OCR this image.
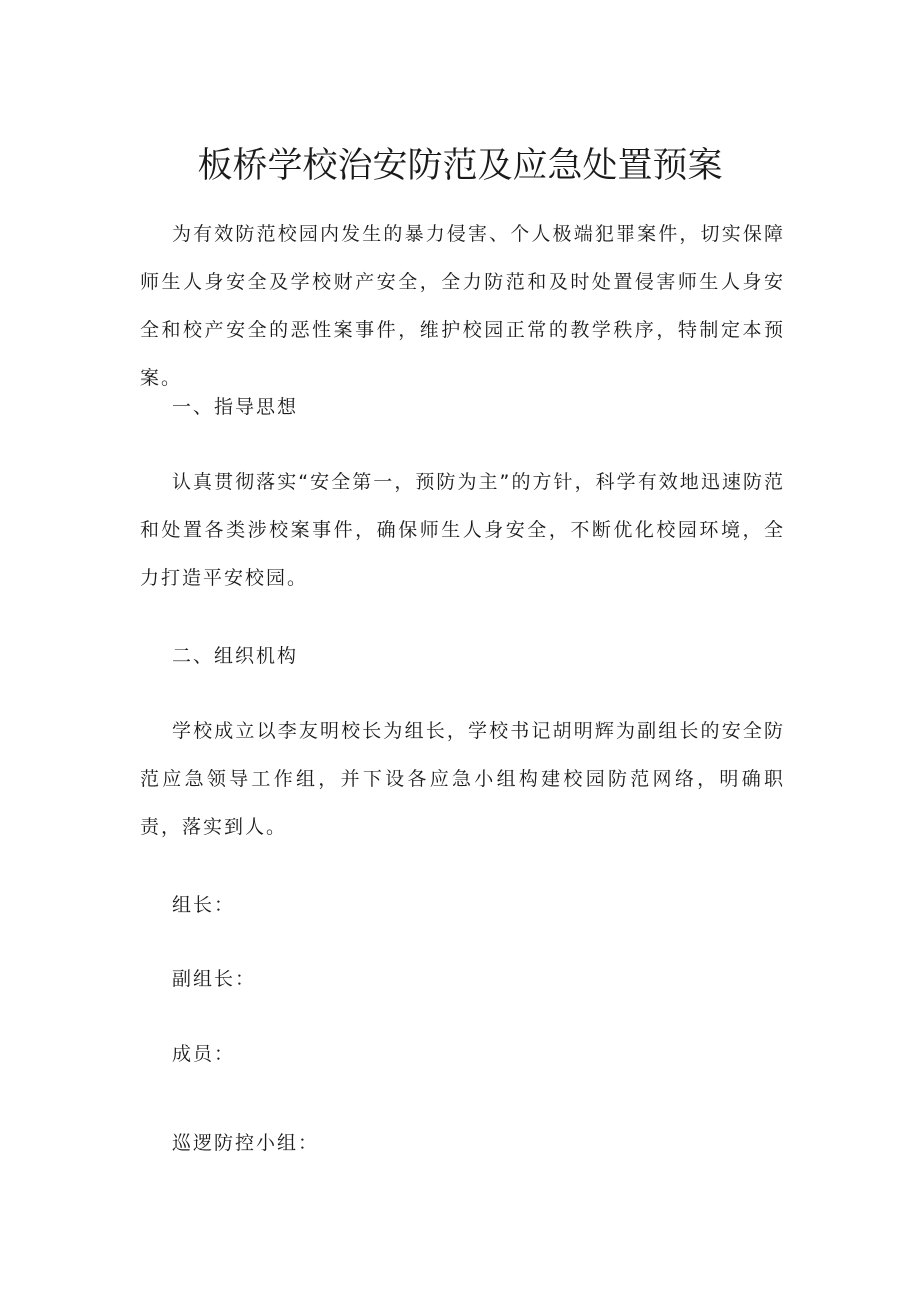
板桥学校治安防范及应急处置预案

为有效防范校园内发生的暴力侵害、个人极端犯罪案件，切实保障师生人身安全及学校财产安全，全力防范和及时处置侵害师生人身安全和校产安全的恶性案事件，维护校园正常的教学秩序，特制定本预案。

一、指导思想

认真贯彻落实“安全第一，预防为主”的方针，科学有效地迅速防范和处置各类涉校案事件，确保师生人身安全，不断优化校园环境，全力打造平安校园。

二、组织机构

学校成立以李友明校长为组长，学校书记胡明辉为副组长的安全防范应急领导工作组，并下设各应急小组构建校园防范网络，明确职责，落实到人。

组长：

副组长：

成员：

巡逻防控小组：
